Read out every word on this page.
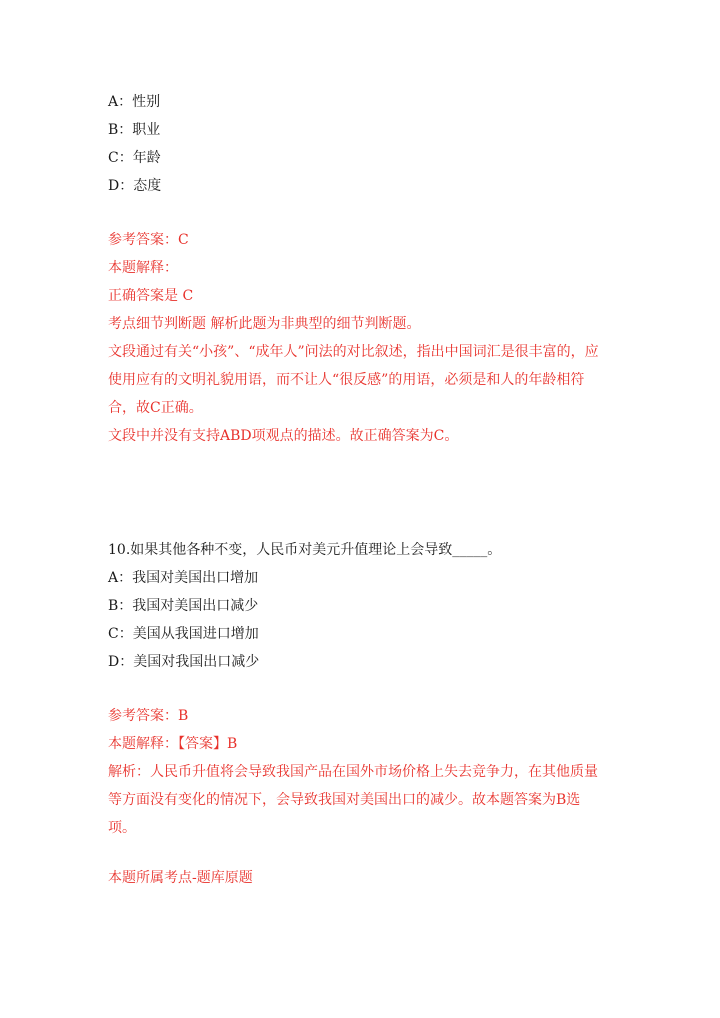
A：性别
B：职业
C：年龄
D：态度
参考答案：C
本题解释：
正确答案是 C
考点细节判断题 解析此题为非典型的细节判断题。
文段通过有关“小孩”、“成年人”问法的对比叙述，指出中国词汇是很丰富的，应使用应有的文明礼貌用语，而不让人“很反感”的用语，必须是和人的年龄相符合，故C正确。
文段中并没有支持ABD项观点的描述。故正确答案为C。
10.如果其他各种不变，人民币对美元升值理论上会导致_____。
A：我国对美国出口增加
B：我国对美国出口减少
C：美国从我国进口增加
D：美国对我国出口减少
参考答案：B
本题解释：【答案】B
解析：人民币升值将会导致我国产品在国外市场价格上失去竞争力，在其他质量等方面没有变化的情况下，会导致我国对美国出口的减少。故本题答案为B选项。
本题所属考点-题库原题
